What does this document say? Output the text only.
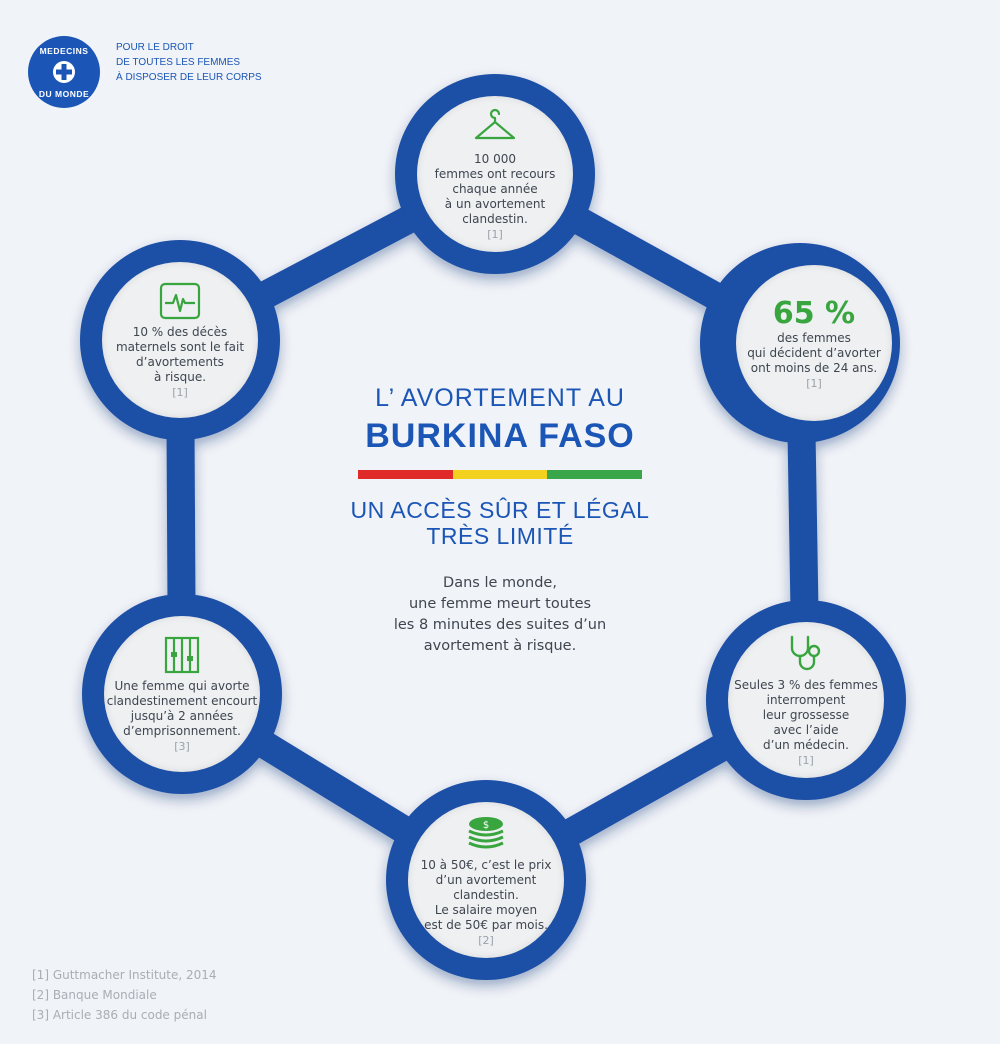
MEDECINS
DU MONDE
POUR LE DROIT
DE TOUTES LES FEMMES
À DISPOSER DE LEUR CORPS
10 000
femmes ont recours
chaque année
à un avortement
clandestin.
[1]
10 % des décès
maternels sont le fait
d’avortements
à risque.
[1]
65 %
des femmes
qui décident d’avorter
ont moins de 24 ans.
[1]
Une femme qui avorte
clandestinement encourt
jusqu’à 2 années
d’emprisonnement.
[3]
Seules 3 % des femmes
interrompent
leur grossesse
avec l’aide
d’un médecin.
[1]
$
10 à 50€, c’est le prix
d’un avortement
clandestin.
Le salaire moyen
est de 50€ par mois.
[2]
L’ AVORTEMENT AU
BURKINA FASO
UN ACCÈS SÛR ET LÉGAL
TRÈS LIMITÉ
Dans le monde,
une femme meurt toutes
les 8 minutes des suites d’un
avortement à risque.
[1] Guttmacher Institute, 2014
[2] Banque Mondiale
[3] Article 386 du code pénal
